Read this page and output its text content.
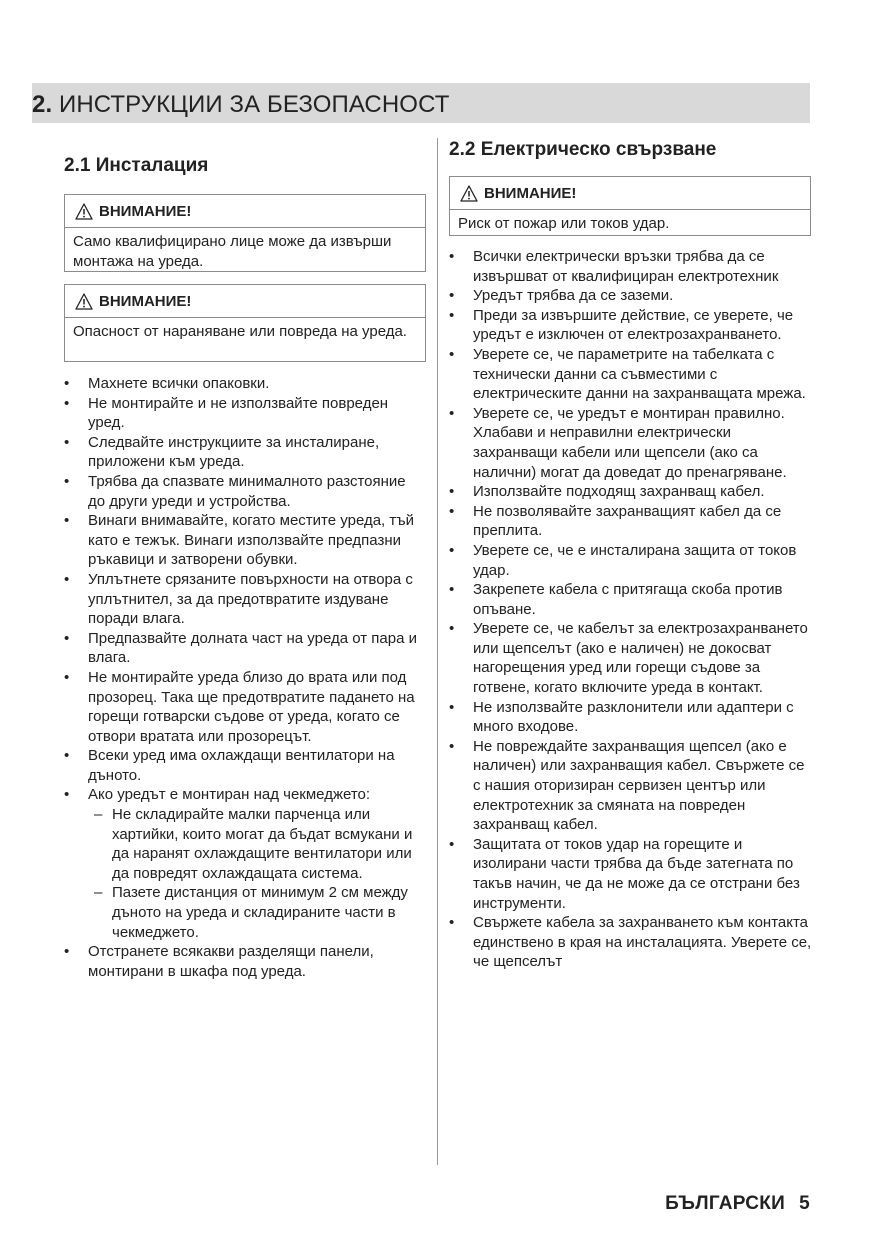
2. ИНСТРУКЦИИ ЗА БЕЗОПАСНОСТ
2.1 Инсталация
ВНИМАНИЕ!
Само квалифицирано лице може да извърши монтажа на уреда.
ВНИМАНИЕ!
Опасност от нараняване или повреда на уреда.
• Махнете всички опаковки.
• Не монтирайте и не използвайте повреден уред.
• Следвайте инструкциите за инсталиране, приложени към уреда.
• Трябва да спазвате минималното разстояние до други уреди и устройства.
• Винаги внимавайте, когато местите уреда, тъй като е тежък. Винаги използвайте предпазни ръкавици и затворени обувки.
• Уплътнете срязаните повърхности на отвора с уплътнител, за да предотвратите издуване поради влага.
• Предпазвайте долната част на уреда от пара и влага.
• Не монтирайте уреда близо до врата или под прозорец. Така ще предотвратите падането на горещи готварски съдове от уреда, когато се отвори вратата или прозорецът.
• Всеки уред има охлаждащи вентилатори на дъното.
• Ако уредът е монтиран над чекмеджето:
– Не складирайте малки парченца или хартийки, които могат да бъдат всмукани и да наранят охлаждащите вентилатори или да повредят охлаждащата система.
– Пазете дистанция от минимум 2 см между дъното на уреда и складираните части в чекмеджето.
• Отстранете всякакви разделящи панели, монтирани в шкафа под уреда.
2.2 Електрическо свързване
ВНИМАНИЕ!
Риск от пожар или токов удар.
• Всички електрически връзки трябва да се извършват от квалифициран електротехник
• Уредът трябва да се заземи.
• Преди за извършите действие, се уверете, че уредът е изключен от електрозахранването.
• Уверете се, че параметрите на табелката с технически данни са съвместими с електрическите данни на захранващата мрежа.
• Уверете се, че уредът е монтиран правилно. Хлабави и неправилни електрически захранващи кабели или щепсели (ако са налични) могат да доведат до пренагряване.
• Използвайте подходящ захранващ кабел.
• Не позволявайте захранващият кабел да се преплита.
• Уверете се, че е инсталирана защита от токов удар.
• Закрепете кабела с притягаща скоба против опъване.
• Уверете се, че кабелът за електрозахранването или щепселът (ако е наличен) не докосват нагорещения уред или горещи съдове за готвене, когато включите уреда в контакт.
• Не използвайте разклонители или адаптери с много входове.
• Не повреждайте захранващия щепсел (ако е наличен) или захранващия кабел. Свържете се с нашия оторизиран сервизен център или електротехник за смяната на повреден захранващ кабел.
• Защитата от токов удар на горещите и изолирани части трябва да бъде затегната по такъв начин, че да не може да се отстрани без инструменти.
• Свържете кабела за захранването към контакта единствено в края на инсталацията. Уверете се, че щепселът
БЪЛГАРСКИ 5
